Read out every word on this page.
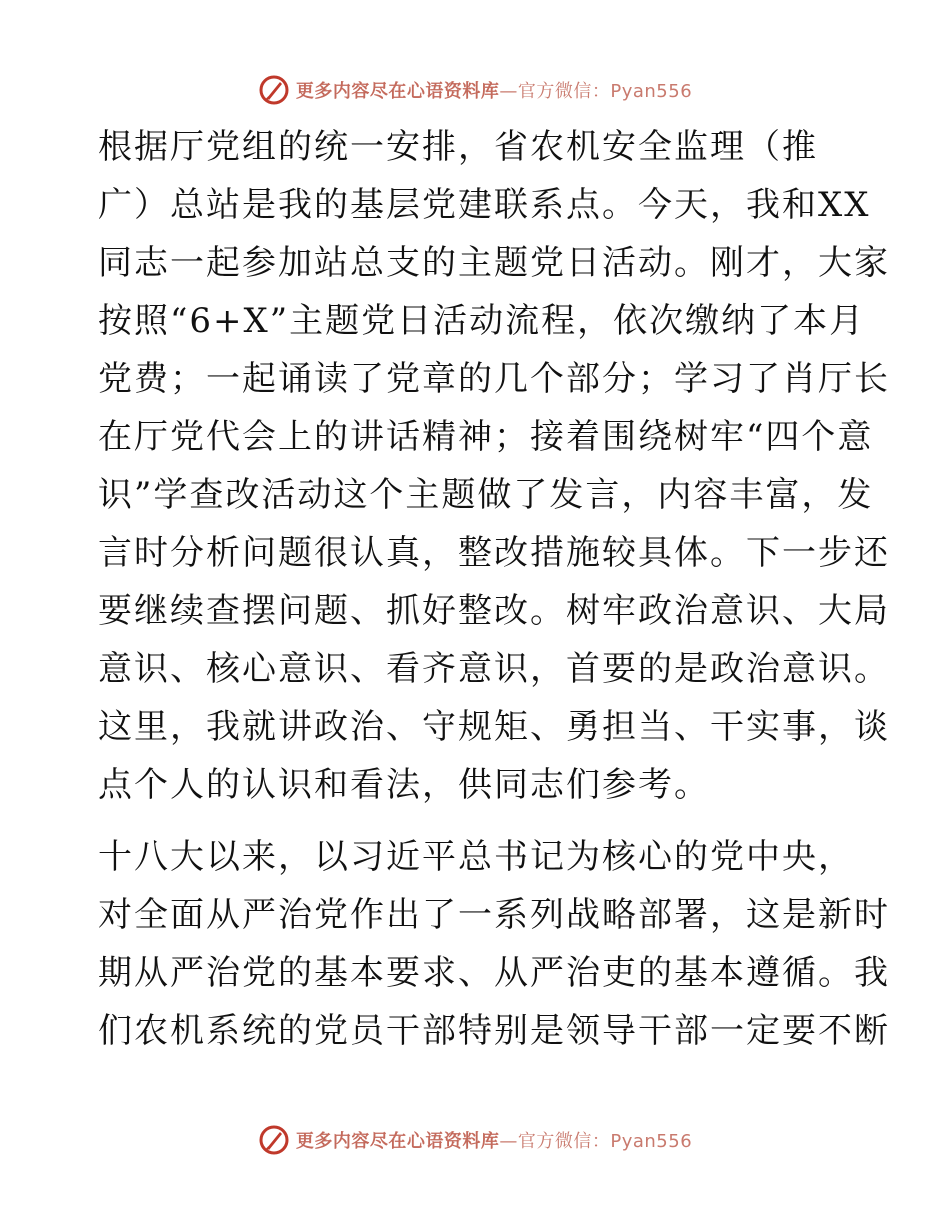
更多内容尽在心语资料库—官方微信：Pyan556

根据厅党组的统一安排，省农机安全监理（推
广）总站是我的基层党建联系点。今天，我和XX
同志一起参加站总支的主题党日活动。刚才，大家
按照“6+X”主题党日活动流程，依次缴纳了本月
党费；一起诵读了党章的几个部分；学习了肖厅长
在厅党代会上的讲话精神；接着围绕树牢“四个意
识”学查改活动这个主题做了发言，内容丰富，发
言时分析问题很认真，整改措施较具体。下一步还
要继续查摆问题、抓好整改。树牢政治意识、大局
意识、核心意识、看齐意识，首要的是政治意识。
这里，我就讲政治、守规矩、勇担当、干实事，谈
点个人的认识和看法，供同志们参考。

十八大以来，以习近平总书记为核心的党中央，
对全面从严治党作出了一系列战略部署，这是新时
期从严治党的基本要求、从严治吏的基本遵循。我
们农机系统的党员干部特别是领导干部一定要不断

更多内容尽在心语资料库—官方微信：Pyan556
